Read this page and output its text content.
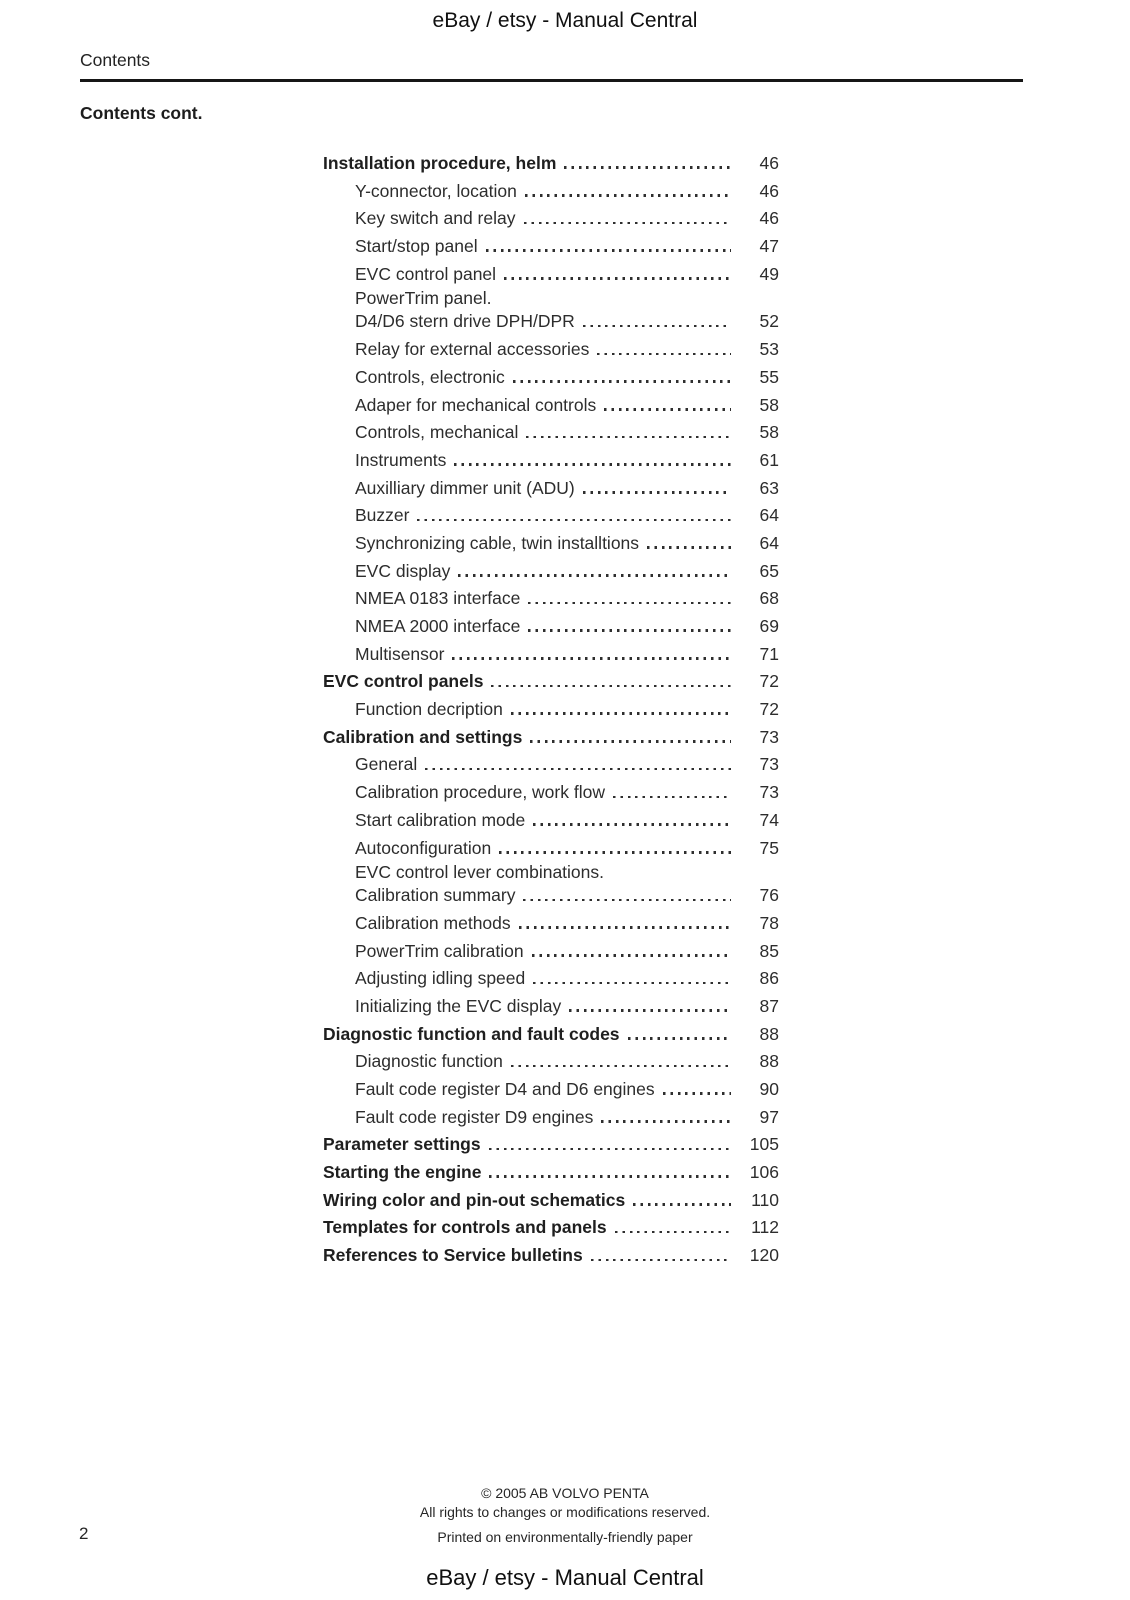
eBay / etsy - Manual Central
Contents
Contents cont.
Installation procedure, helm	46
Y-connector, location	46
Key switch and relay	46
Start/stop panel	47
EVC control panel	49
PowerTrim panel.
D4/D6 stern drive DPH/DPR	52
Relay for external accessories	53
Controls, electronic	55
Adaper for mechanical controls	58
Controls, mechanical	58
Instruments	61
Auxilliary dimmer unit (ADU)	63
Buzzer	64
Synchronizing cable, twin installtions	64
EVC display	65
NMEA 0183 interface	68
NMEA 2000 interface	69
Multisensor	71
EVC control panels	72
Function decription	72
Calibration and settings	73
General	73
Calibration procedure, work flow	73
Start calibration mode	74
Autoconfiguration	75
EVC control lever combinations.
Calibration summary	76
Calibration methods	78
PowerTrim calibration	85
Adjusting idling speed	86
Initializing the EVC display	87
Diagnostic function and fault codes	88
Diagnostic function	88
Fault code register D4 and D6 engines	90
Fault code register D9 engines	97
Parameter settings	105
Starting the engine	106
Wiring color and pin-out schematics	110
Templates for controls and panels	112
References to Service bulletins	120
© 2005 AB VOLVO PENTA
All rights to changes or modifications reserved.
Printed on environmentally-friendly paper
2
eBay / etsy - Manual Central
